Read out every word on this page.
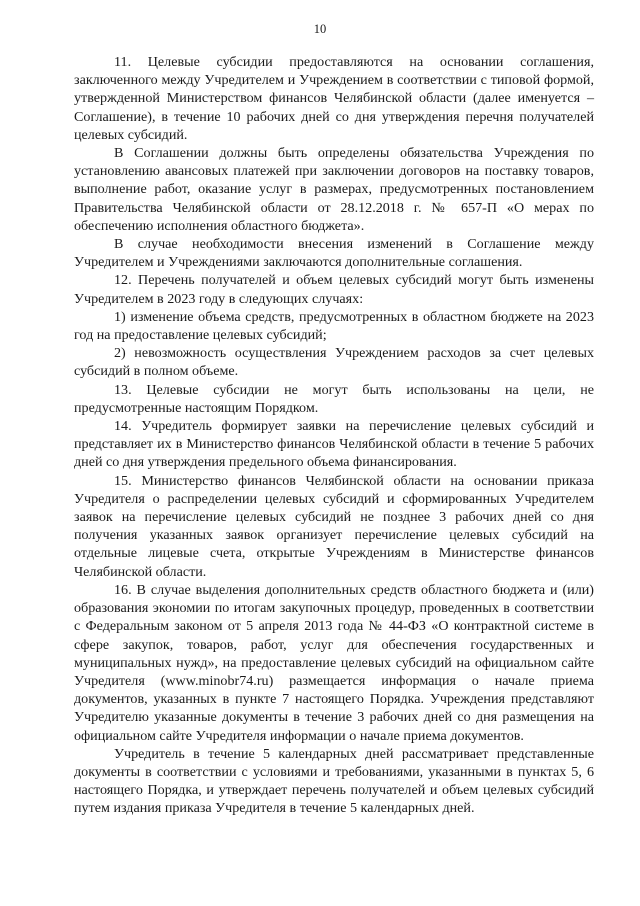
10

11. Целевые субсидии предоставляются на основании соглашения, заключенного между Учредителем и Учреждением в соответствии с типовой формой, утвержденной Министерством финансов Челябинской области (далее именуется – Соглашение), в течение 10 рабочих дней со дня утверждения перечня получателей целевых субсидий.

В Соглашении должны быть определены обязательства Учреждения по установлению авансовых платежей при заключении договоров на поставку товаров, выполнение работ, оказание услуг в размерах, предусмотренных постановлением Правительства Челябинской области от 28.12.2018 г. № 657-П «О мерах по обеспечению исполнения областного бюджета».

В случае необходимости внесения изменений в Соглашение между Учредителем и Учреждениями заключаются дополнительные соглашения.

12. Перечень получателей и объем целевых субсидий могут быть изменены Учредителем в 2023 году в следующих случаях:

1) изменение объема средств, предусмотренных в областном бюджете на 2023 год на предоставление целевых субсидий;

2) невозможность осуществления Учреждением расходов за счет целевых субсидий в полном объеме.

13. Целевые субсидии не могут быть использованы на цели, не предусмотренные настоящим Порядком.

14. Учредитель формирует заявки на перечисление целевых субсидий и представляет их в Министерство финансов Челябинской области в течение 5 рабочих дней со дня утверждения предельного объема финансирования.

15. Министерство финансов Челябинской области на основании приказа Учредителя о распределении целевых субсидий и сформированных Учредителем заявок на перечисление целевых субсидий не позднее 3 рабочих дней со дня получения указанных заявок организует перечисление целевых субсидий на отдельные лицевые счета, открытые Учреждениям в Министерстве финансов Челябинской области.

16. В случае выделения дополнительных средств областного бюджета и (или) образования экономии по итогам закупочных процедур, проведенных в соответствии с Федеральным законом от 5 апреля 2013 года № 44-ФЗ «О контрактной системе в сфере закупок, товаров, работ, услуг для обеспечения государственных и муниципальных нужд», на предоставление целевых субсидий на официальном сайте Учредителя (www.minobr74.ru) размещается информация о начале приема документов, указанных в пункте 7 настоящего Порядка. Учреждения представляют Учредителю указанные документы в течение 3 рабочих дней со дня размещения на официальном сайте Учредителя информации о начале приема документов.

Учредитель в течение 5 календарных дней рассматривает представленные документы в соответствии с условиями и требованиями, указанными в пунктах 5, 6 настоящего Порядка, и утверждает перечень получателей и объем целевых субсидий путем издания приказа Учредителя в течение 5 календарных дней.
